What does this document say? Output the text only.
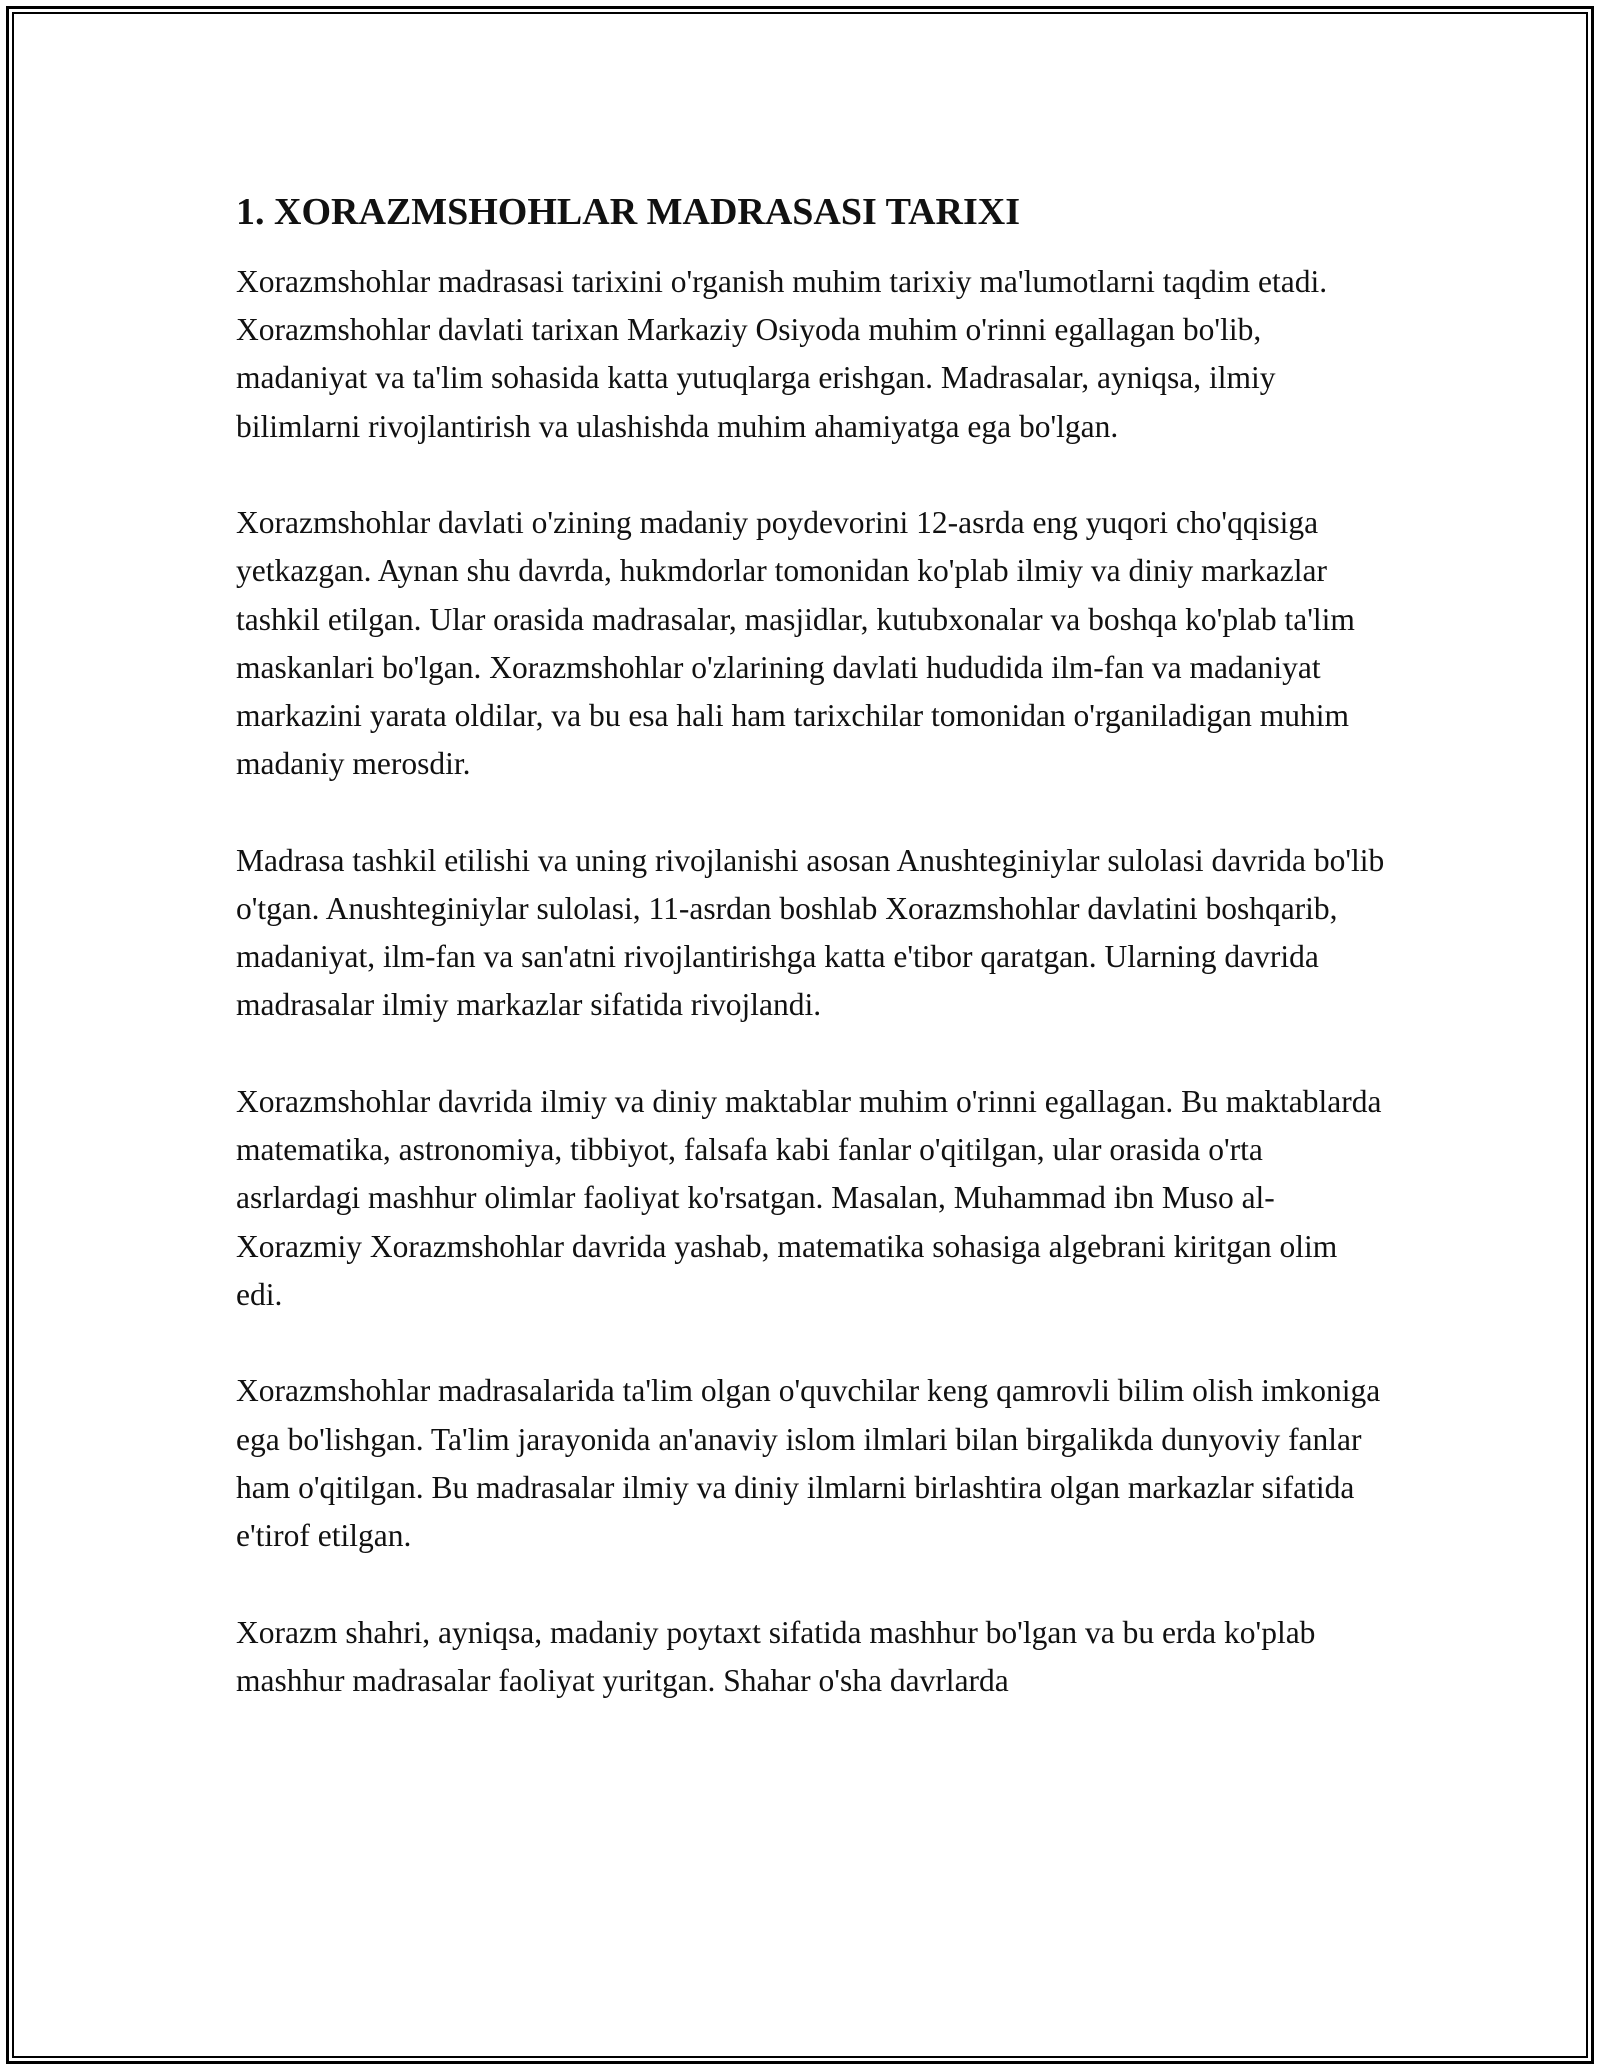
1. XORAZMSHOHLAR MADRASASI TARIXI

Xorazmshohlar madrasasi tarixini o'rganish muhim tarixiy ma'lumotlarni taqdim etadi. Xorazmshohlar davlati tarixan Markaziy Osiyoda muhim o'rinni egallagan bo'lib, madaniyat va ta'lim sohasida katta yutuqlarga erishgan. Madrasalar, ayniqsa, ilmiy bilimlarni rivojlantirish va ulashishda muhim ahamiyatga ega bo'lgan.

Xorazmshohlar davlati o'zining madaniy poydevorini 12-asrda eng yuqori cho'qqisiga yetkazgan. Aynan shu davrda, hukmdorlar tomonidan ko'plab ilmiy va diniy markazlar tashkil etilgan. Ular orasida madrasalar, masjidlar, kutubxonalar va boshqa ko'plab ta'lim maskanlari bo'lgan. Xorazmshohlar o'zlarining davlati hududida ilm-fan va madaniyat markazini yarata oldilar, va bu esa hali ham tarixchilar tomonidan o'rganiladigan muhim madaniy merosdir.

Madrasa tashkil etilishi va uning rivojlanishi asosan Anushteginiylar sulolasi davrida bo'lib o'tgan. Anushteginiylar sulolasi, 11-asrdan boshlab Xorazmshohlar davlatini boshqarib, madaniyat, ilm-fan va san'atni rivojlantirishga katta e'tibor qaratgan. Ularning davrida madrasalar ilmiy markazlar sifatida rivojlandi.

Xorazmshohlar davrida ilmiy va diniy maktablar muhim o'rinni egallagan. Bu maktablarda matematika, astronomiya, tibbiyot, falsafa kabi fanlar o'qitilgan, ular orasida o'rta asrlardagi mashhur olimlar faoliyat ko'rsatgan. Masalan, Muhammad ibn Muso al-Xorazmiy Xorazmshohlar davrida yashab, matematika sohasiga algebrani kiritgan olim edi.

Xorazmshohlar madrasalarida ta'lim olgan o'quvchilar keng qamrovli bilim olish imkoniga ega bo'lishgan. Ta'lim jarayonida an'anaviy islom ilmlari bilan birgalikda dunyoviy fanlar ham o'qitilgan. Bu madrasalar ilmiy va diniy ilmlarni birlashtira olgan markazlar sifatida e'tirof etilgan.

Xorazm shahri, ayniqsa, madaniy poytaxt sifatida mashhur bo'lgan va bu erda ko'plab mashhur madrasalar faoliyat yuritgan. Shahar o'sha davrlarda
